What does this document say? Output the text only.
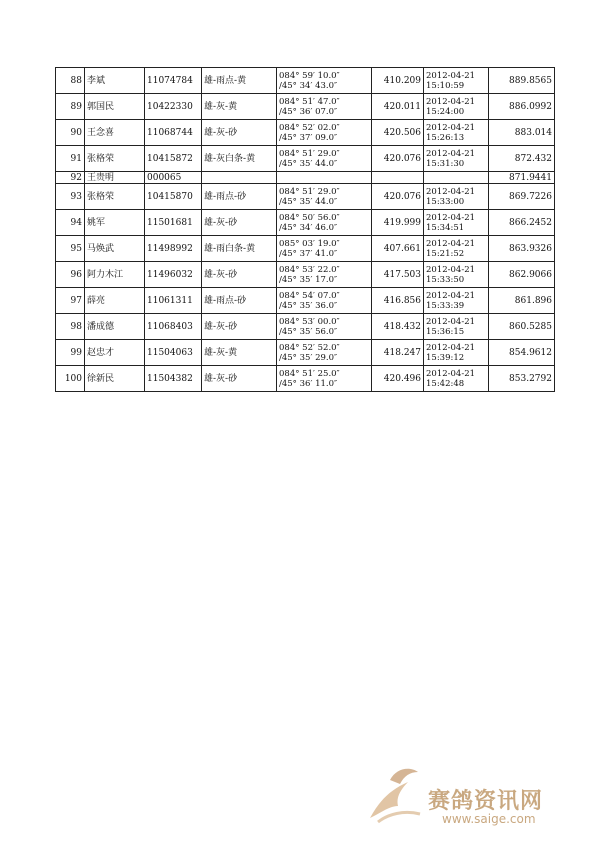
88	李斌	11074784	雄-雨点-黄	084° 59′ 10.0″
/45° 34′ 43.0″	410.209	2012-04-21
15:10:59	889.8565
89	郭国民	10422330	雄-灰-黄	084° 51′ 47.0″
/45° 36′ 07.0″	420.011	2012-04-21
15:24:00	886.0992
90	王念喜	11068744	雄-灰-砂	084° 52′ 02.0″
/45° 37′ 09.0″	420.506	2012-04-21
15:26:13	883.014
91	张格荣	10415872	雄-灰白条-黄	084° 51′ 29.0″
/45° 35′ 44.0″	420.076	2012-04-21
15:31:30	872.432
92	王贵明	000065					871.9441
93	张格荣	10415870	雄-雨点-砂	084° 51′ 29.0″
/45° 35′ 44.0″	420.076	2012-04-21
15:33:00	869.7226
94	姚军	11501681	雄-灰-砂	084° 50′ 56.0″
/45° 34′ 46.0″	419.999	2012-04-21
15:34:51	866.2452
95	马焕武	11498992	雄-雨白条-黄	085° 03′ 19.0″
/45° 37′ 41.0″	407.661	2012-04-21
15:21:52	863.9326
96	阿力木江	11496032	雄-灰-砂	084° 53′ 22.0″
/45° 35′ 17.0″	417.503	2012-04-21
15:33:50	862.9066
97	薛亮	11061311	雄-雨点-砂	084° 54′ 07.0″
/45° 35′ 36.0″	416.856	2012-04-21
15:33:39	861.896
98	潘成德	11068403	雄-灰-砂	084° 53′ 00.0″
/45° 35′ 56.0″	418.432	2012-04-21
15:36:15	860.5285
99	赵忠才	11504063	雄-灰-黄	084° 52′ 52.0″
/45° 35′ 29.0″	418.247	2012-04-21
15:39:12	854.9612
100	徐新民	11504382	雄-灰-砂	084° 51′ 25.0″
/45° 36′ 11.0″	420.496	2012-04-21
15:42:48	853.2792
赛鸽资讯网
www.saige.com
